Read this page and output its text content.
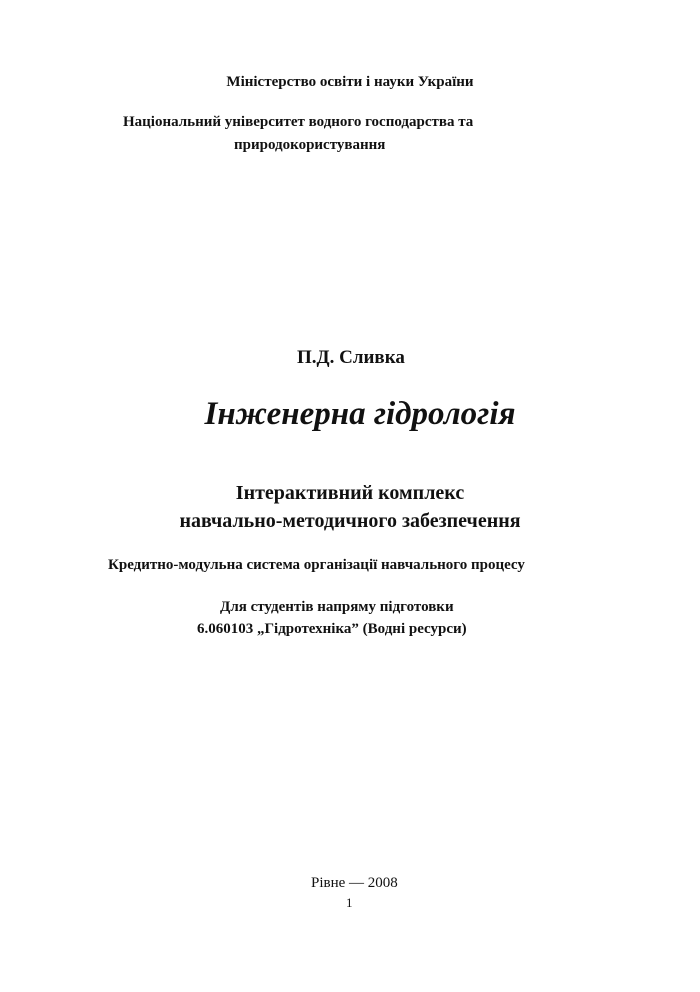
Міністерство освіти і науки України
Національний університет водного господарства та
природокористування
П.Д. Сливка
Інженерна гідрологія
Інтерактивний комплекс
навчально-методичного забезпечення
Кредитно-модульна система організації навчального процесу
Для студентів напряму підготовки
6.060103 „Гідротехніка” (Водні ресурси)
Рівне — 2008
1
